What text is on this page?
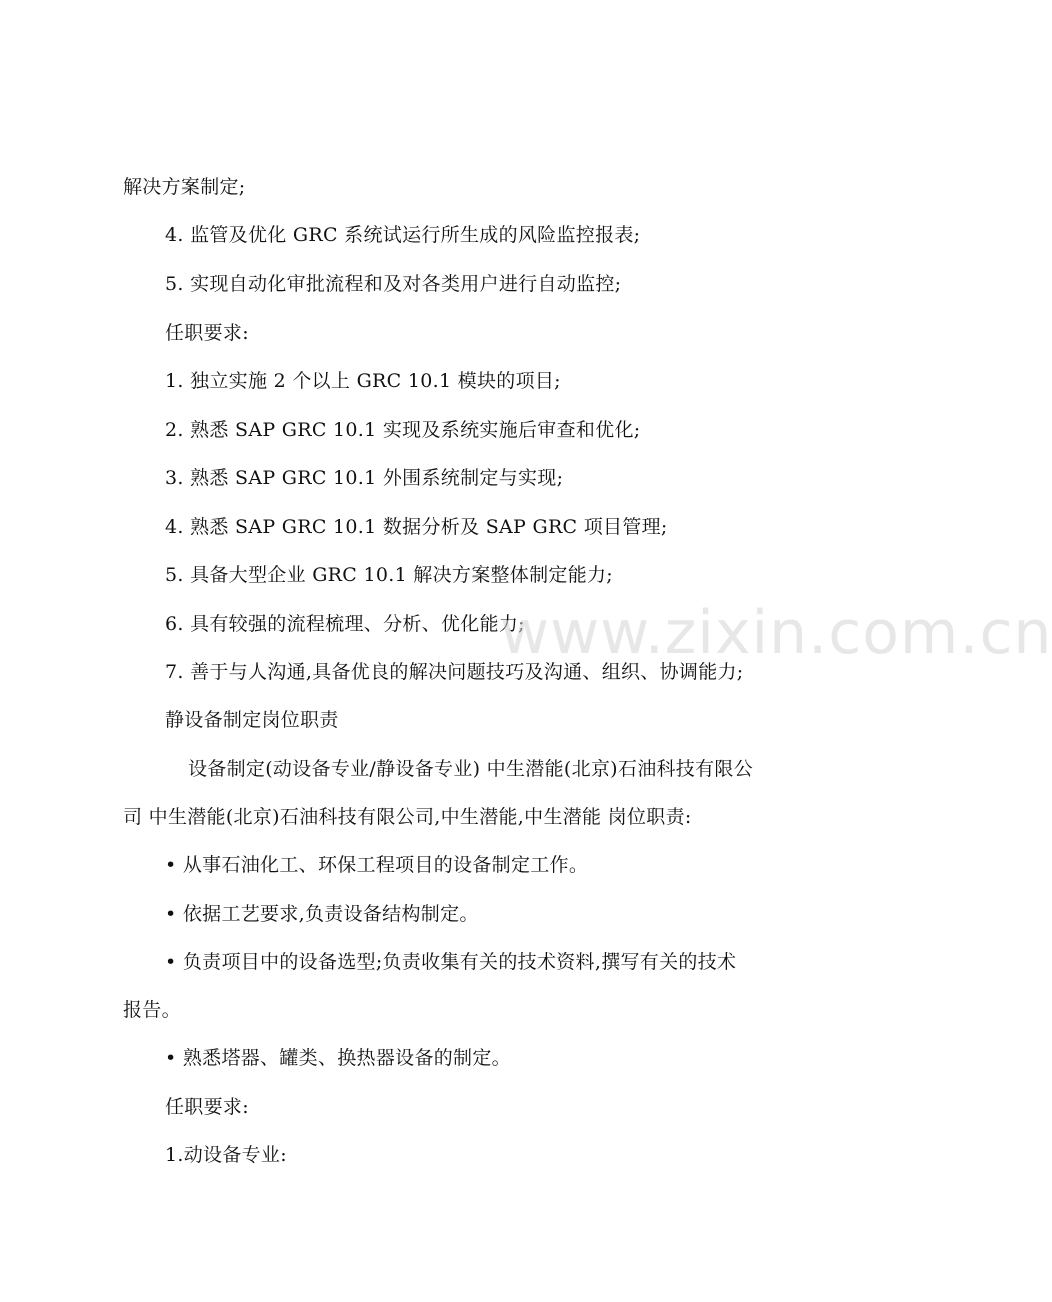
解决方案制定;
4. 监管及优化 GRC 系统试运行所生成的风险监控报表;
5. 实现自动化审批流程和及对各类用户进行自动监控;
任职要求:
1. 独立实施 2 个以上 GRC 10.1 模块的项目;
2. 熟悉 SAP GRC 10.1 实现及系统实施后审查和优化;
3. 熟悉 SAP GRC 10.1 外围系统制定与实现;
4. 熟悉 SAP GRC 10.1 数据分析及 SAP GRC 项目管理;
5. 具备大型企业 GRC 10.1 解决方案整体制定能力;
6. 具有较强的流程梳理、分析、优化能力;
7. 善于与人沟通,具备优良的解决问题技巧及沟通、组织、协调能力;
静设备制定岗位职责
设备制定(动设备专业/静设备专业) 中生潜能(北京)石油科技有限公
司 中生潜能(北京)石油科技有限公司,中生潜能,中生潜能 岗位职责:
• 从事石油化工、环保工程项目的设备制定工作。
• 依据工艺要求,负责设备结构制定。
• 负责项目中的设备选型;负责收集有关的技术资料,撰写有关的技术
报告。
• 熟悉塔器、罐类、换热器设备的制定。
任职要求:
1.动设备专业:
www.zixin.com.cn
